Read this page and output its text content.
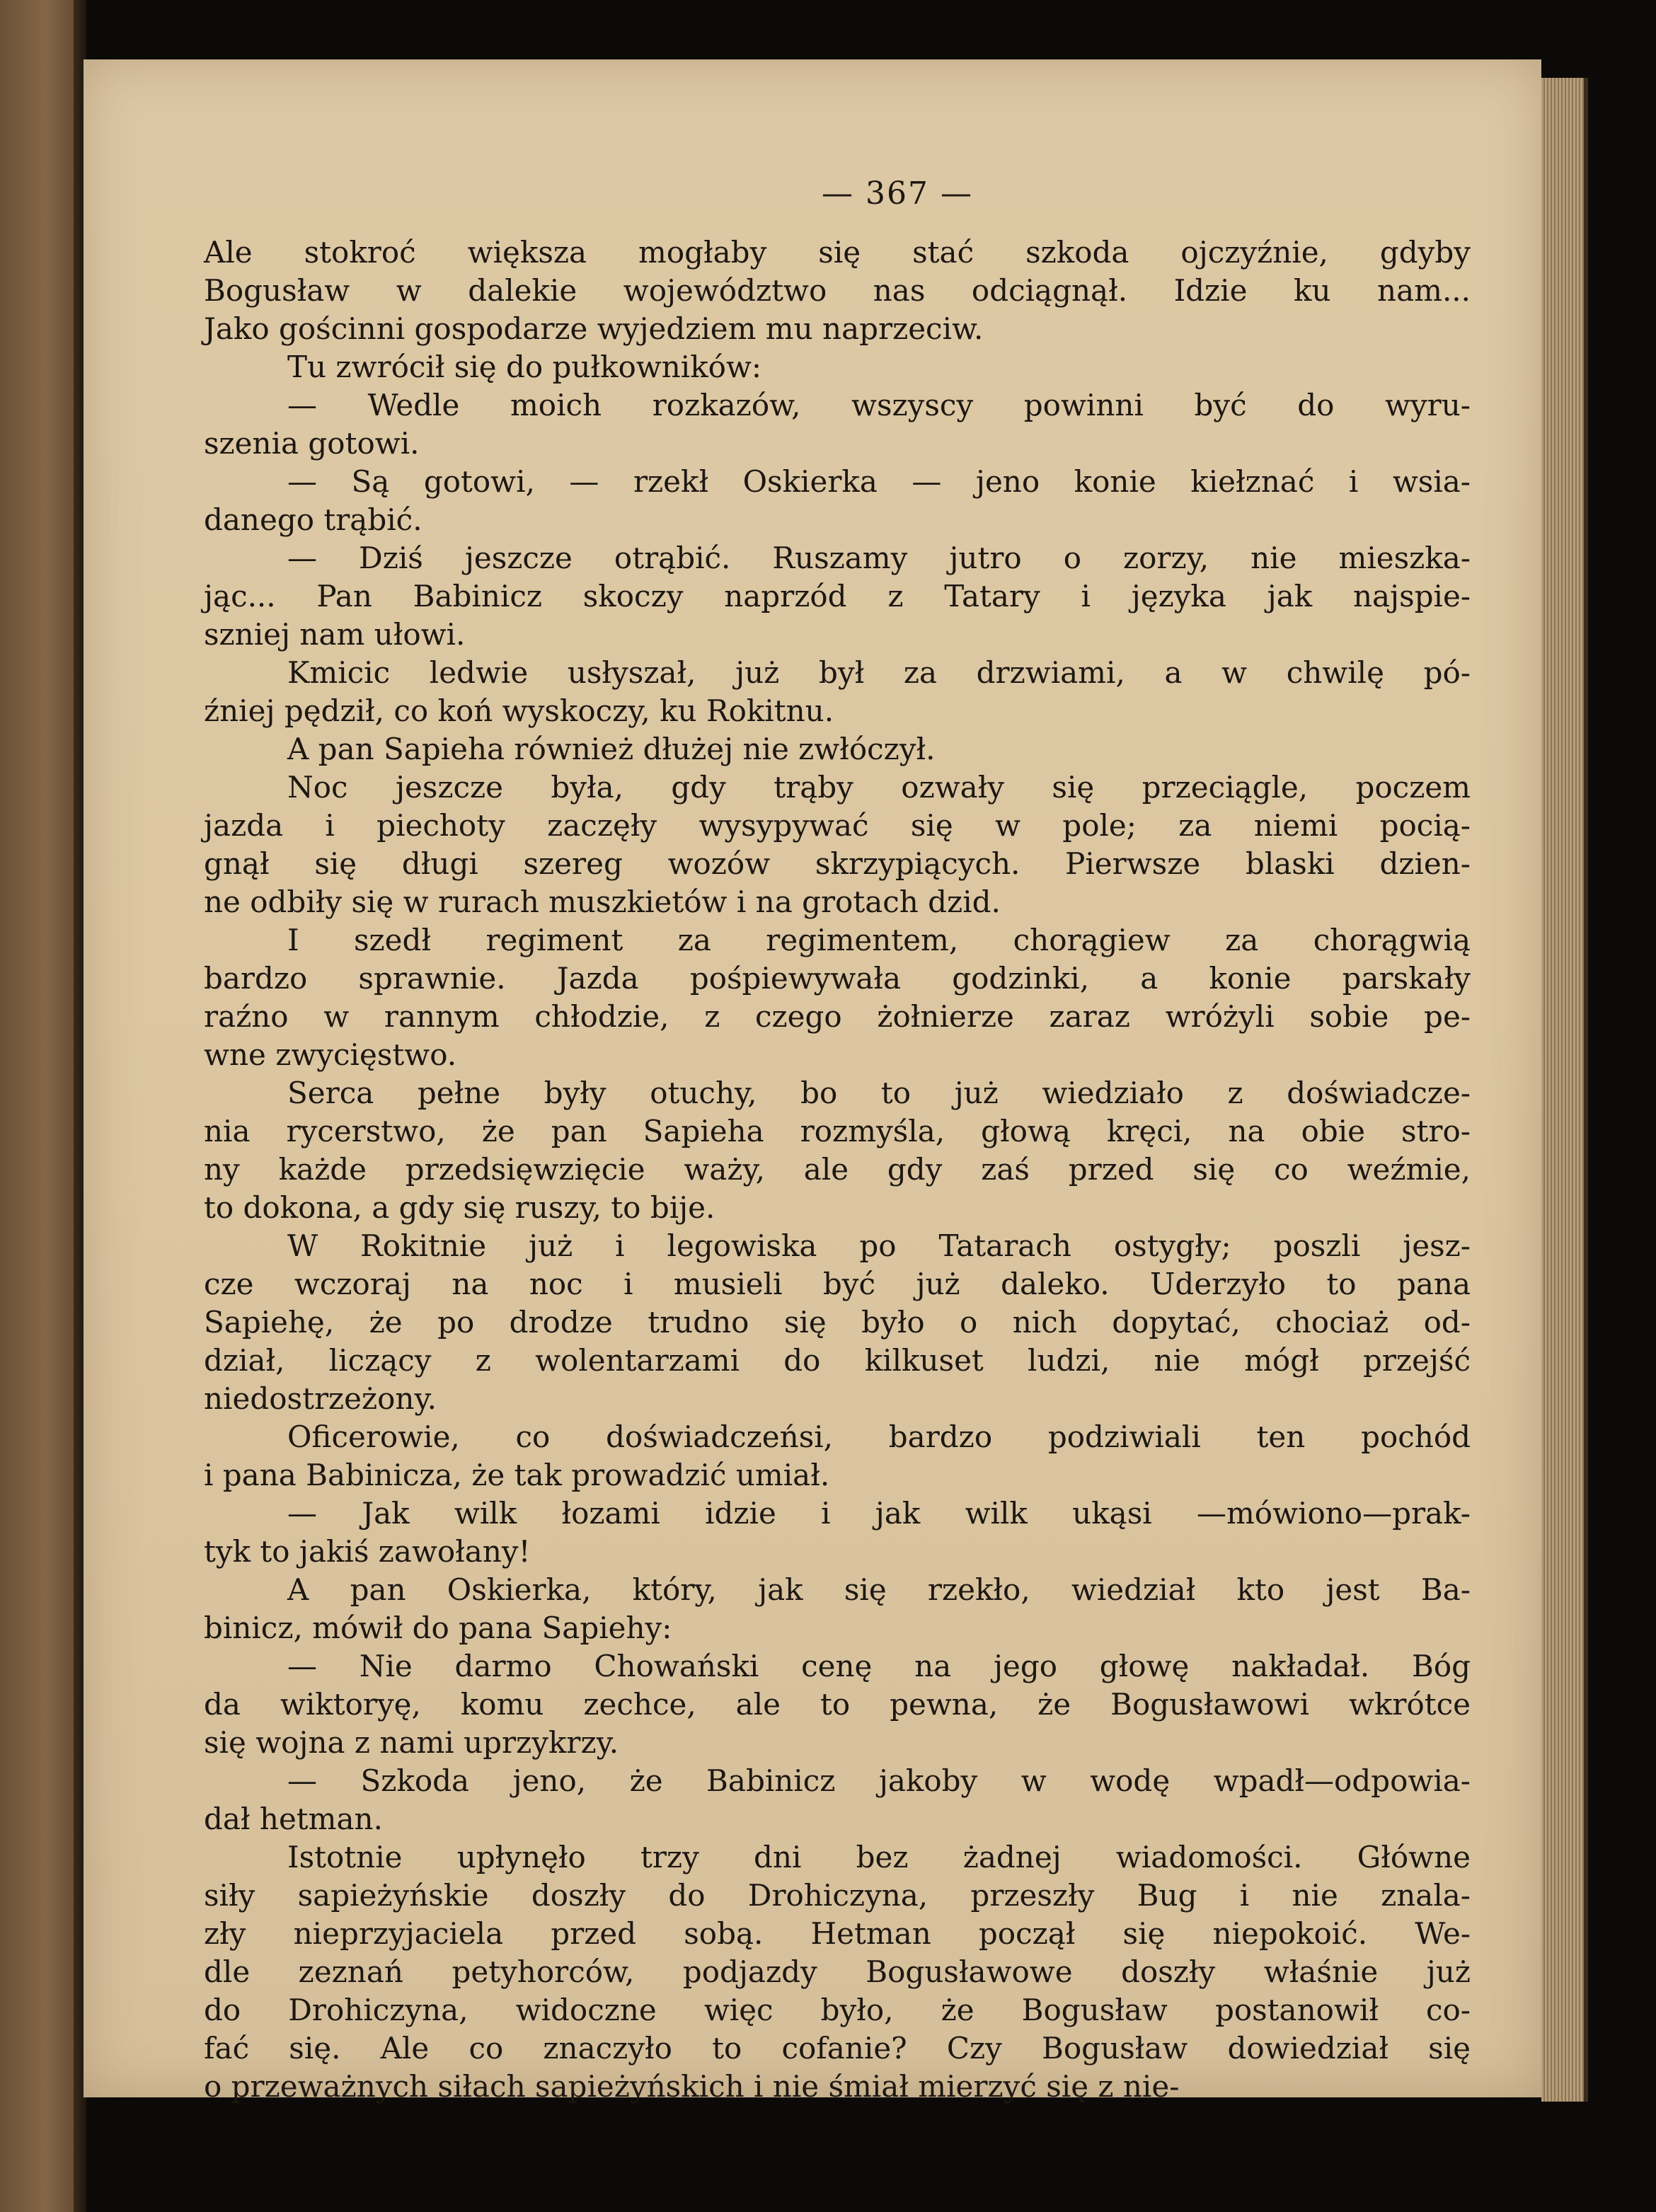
— 367 —
Ale stokroć większa mogłaby się stać szkoda ojczyźnie, gdyby
Bogusław w dalekie województwo nas odciągnął. Idzie ku nam...
Jako gościnni gospodarze wyjedziem mu naprzeciw.
Tu zwrócił się do pułkowników:
— Wedle moich rozkazów, wszyscy powinni być do wyru-
szenia gotowi.
— Są gotowi, — rzekł Oskierka — jeno konie kiełznać i wsia-
danego trąbić.
— Dziś jeszcze otrąbić. Ruszamy jutro o zorzy, nie mieszka-
jąc... Pan Babinicz skoczy naprzód z Tatary i języka jak najspie-
szniej nam ułowi.
Kmicic ledwie usłyszał, już był za drzwiami, a w chwilę pó-
źniej pędził, co koń wyskoczy, ku Rokitnu.
A pan Sapieha również dłużej nie zwłóczył.
Noc jeszcze była, gdy trąby ozwały się przeciągle, poczem
jazda i piechoty zaczęły wysypywać się w pole; za niemi pocią-
gnął się długi szereg wozów skrzypiących. Pierwsze blaski dzien-
ne odbiły się w rurach muszkietów i na grotach dzid.
I szedł regiment za regimentem, chorągiew za chorągwią
bardzo sprawnie. Jazda pośpiewywała godzinki, a konie parskały
raźno w rannym chłodzie, z czego żołnierze zaraz wróżyli sobie pe-
wne zwycięstwo.
Serca pełne były otuchy, bo to już wiedziało z doświadcze-
nia rycerstwo, że pan Sapieha rozmyśla, głową kręci, na obie stro-
ny każde przedsięwzięcie waży, ale gdy zaś przed się co weźmie,
to dokona, a gdy się ruszy, to bije.
W Rokitnie już i legowiska po Tatarach ostygły; poszli jesz-
cze wczoraj na noc i musieli być już daleko. Uderzyło to pana
Sapiehę, że po drodze trudno się było o nich dopytać, chociaż od-
dział, liczący z wolentarzami do kilkuset ludzi, nie mógł przejść
niedostrzeżony.
Oficerowie, co doświadczeńsi, bardzo podziwiali ten pochód
i pana Babinicza, że tak prowadzić umiał.
— Jak wilk łozami idzie i jak wilk ukąsi —mówiono—prak-
tyk to jakiś zawołany!
A pan Oskierka, który, jak się rzekło, wiedział kto jest Ba-
binicz, mówił do pana Sapiehy:
— Nie darmo Chowański cenę na jego głowę nakładał. Bóg
da wiktoryę, komu zechce, ale to pewna, że Bogusławowi wkrótce
się wojna z nami uprzykrzy.
— Szkoda jeno, że Babinicz jakoby w wodę wpadł—odpowia-
dał hetman.
Istotnie upłynęło trzy dni bez żadnej wiadomości. Główne
siły sapieżyńskie doszły do Drohiczyna, przeszły Bug i nie znala-
zły nieprzyjaciela przed sobą. Hetman począł się niepokoić. We-
dle zeznań petyhorców, podjazdy Bogusławowe doszły właśnie już
do Drohiczyna, widoczne więc było, że Bogusław postanowił co-
fać się. Ale co znaczyło to cofanie? Czy Bogusław dowiedział się
o przeważnych siłach sapieżyńskich i nie śmiał mierzyć się z nie-
